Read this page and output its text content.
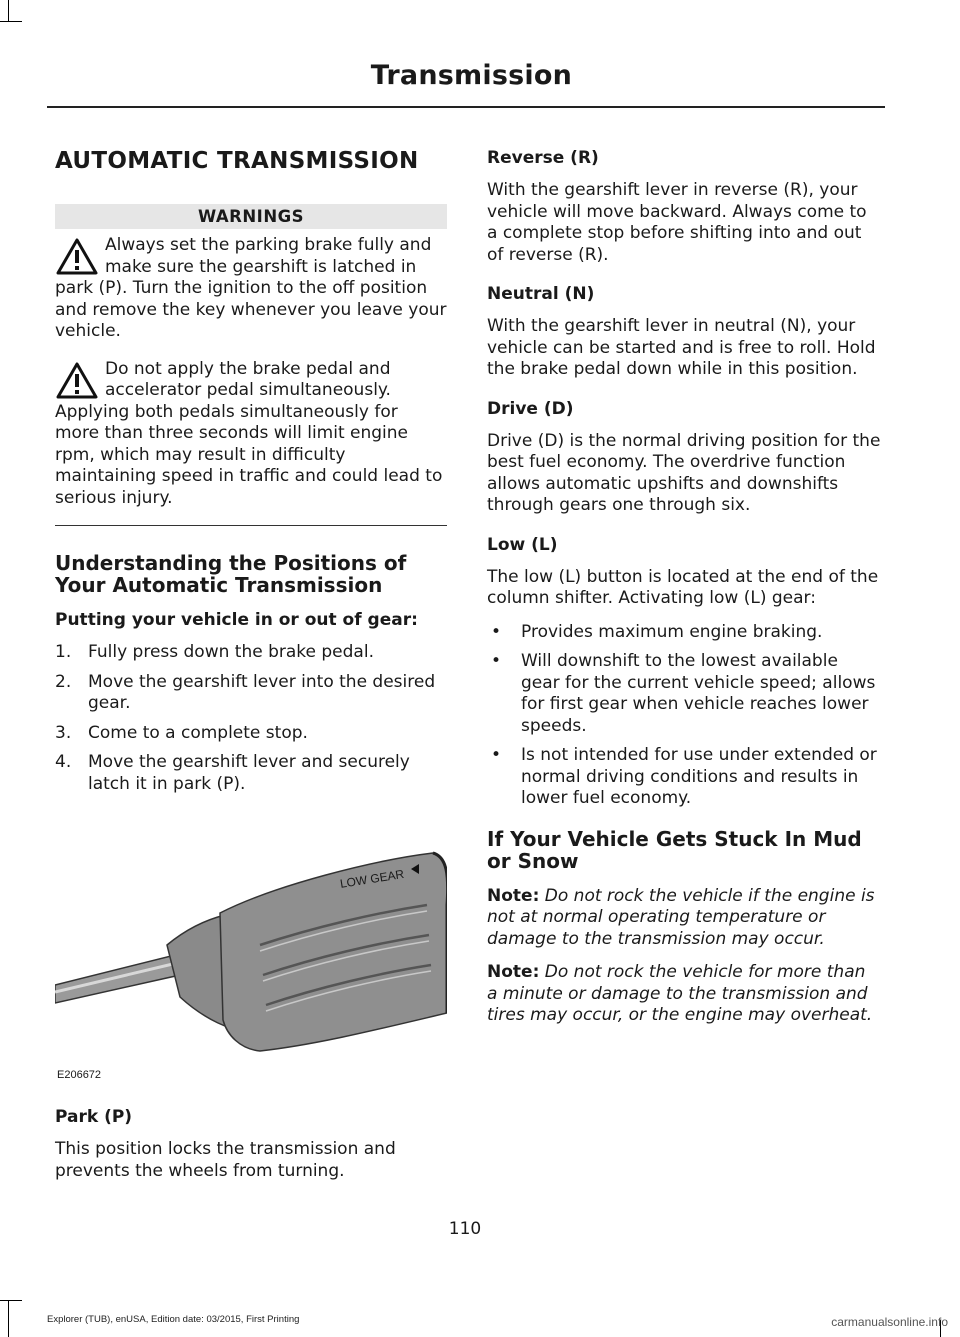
Transmission
AUTOMATIC TRANSMISSION
WARNINGS
Always set the parking brake fully and make sure the gearshift is latched in park (P). Turn the ignition to the off position and remove the key whenever you leave your vehicle.
Do not apply the brake pedal and accelerator pedal simultaneously. Applying both pedals simultaneously for more than three seconds will limit engine rpm, which may result in difficulty maintaining speed in traffic and could lead to serious injury.
Understanding the Positions of Your Automatic Transmission
Putting your vehicle in or out of gear:
1. Fully press down the brake pedal.
2. Move the gearshift lever into the desired gear.
3. Come to a complete stop.
4. Move the gearshift lever and securely latch it in park (P).
LOW GEAR
E206672
Park (P)
This position locks the transmission and prevents the wheels from turning.
Reverse (R)
With the gearshift lever in reverse (R), your vehicle will move backward. Always come to a complete stop before shifting into and out of reverse (R).
Neutral (N)
With the gearshift lever in neutral (N), your vehicle can be started and is free to roll. Hold the brake pedal down while in this position.
Drive (D)
Drive (D) is the normal driving position for the best fuel economy. The overdrive function allows automatic upshifts and downshifts through gears one through six.
Low (L)
The low (L) button is located at the end of the column shifter. Activating low (L) gear:
• Provides maximum engine braking.
• Will downshift to the lowest available gear for the current vehicle speed; allows for first gear when vehicle reaches lower speeds.
• Is not intended for use under extended or normal driving conditions and results in lower fuel economy.
If Your Vehicle Gets Stuck In Mud or Snow
Note: Do not rock the vehicle if the engine is not at normal operating temperature or damage to the transmission may occur.
Note: Do not rock the vehicle for more than a minute or damage to the transmission and tires may occur, or the engine may overheat.
110
Explorer (TUB), enUSA, Edition date: 03/2015, First Printing	carmanualsonline.info
